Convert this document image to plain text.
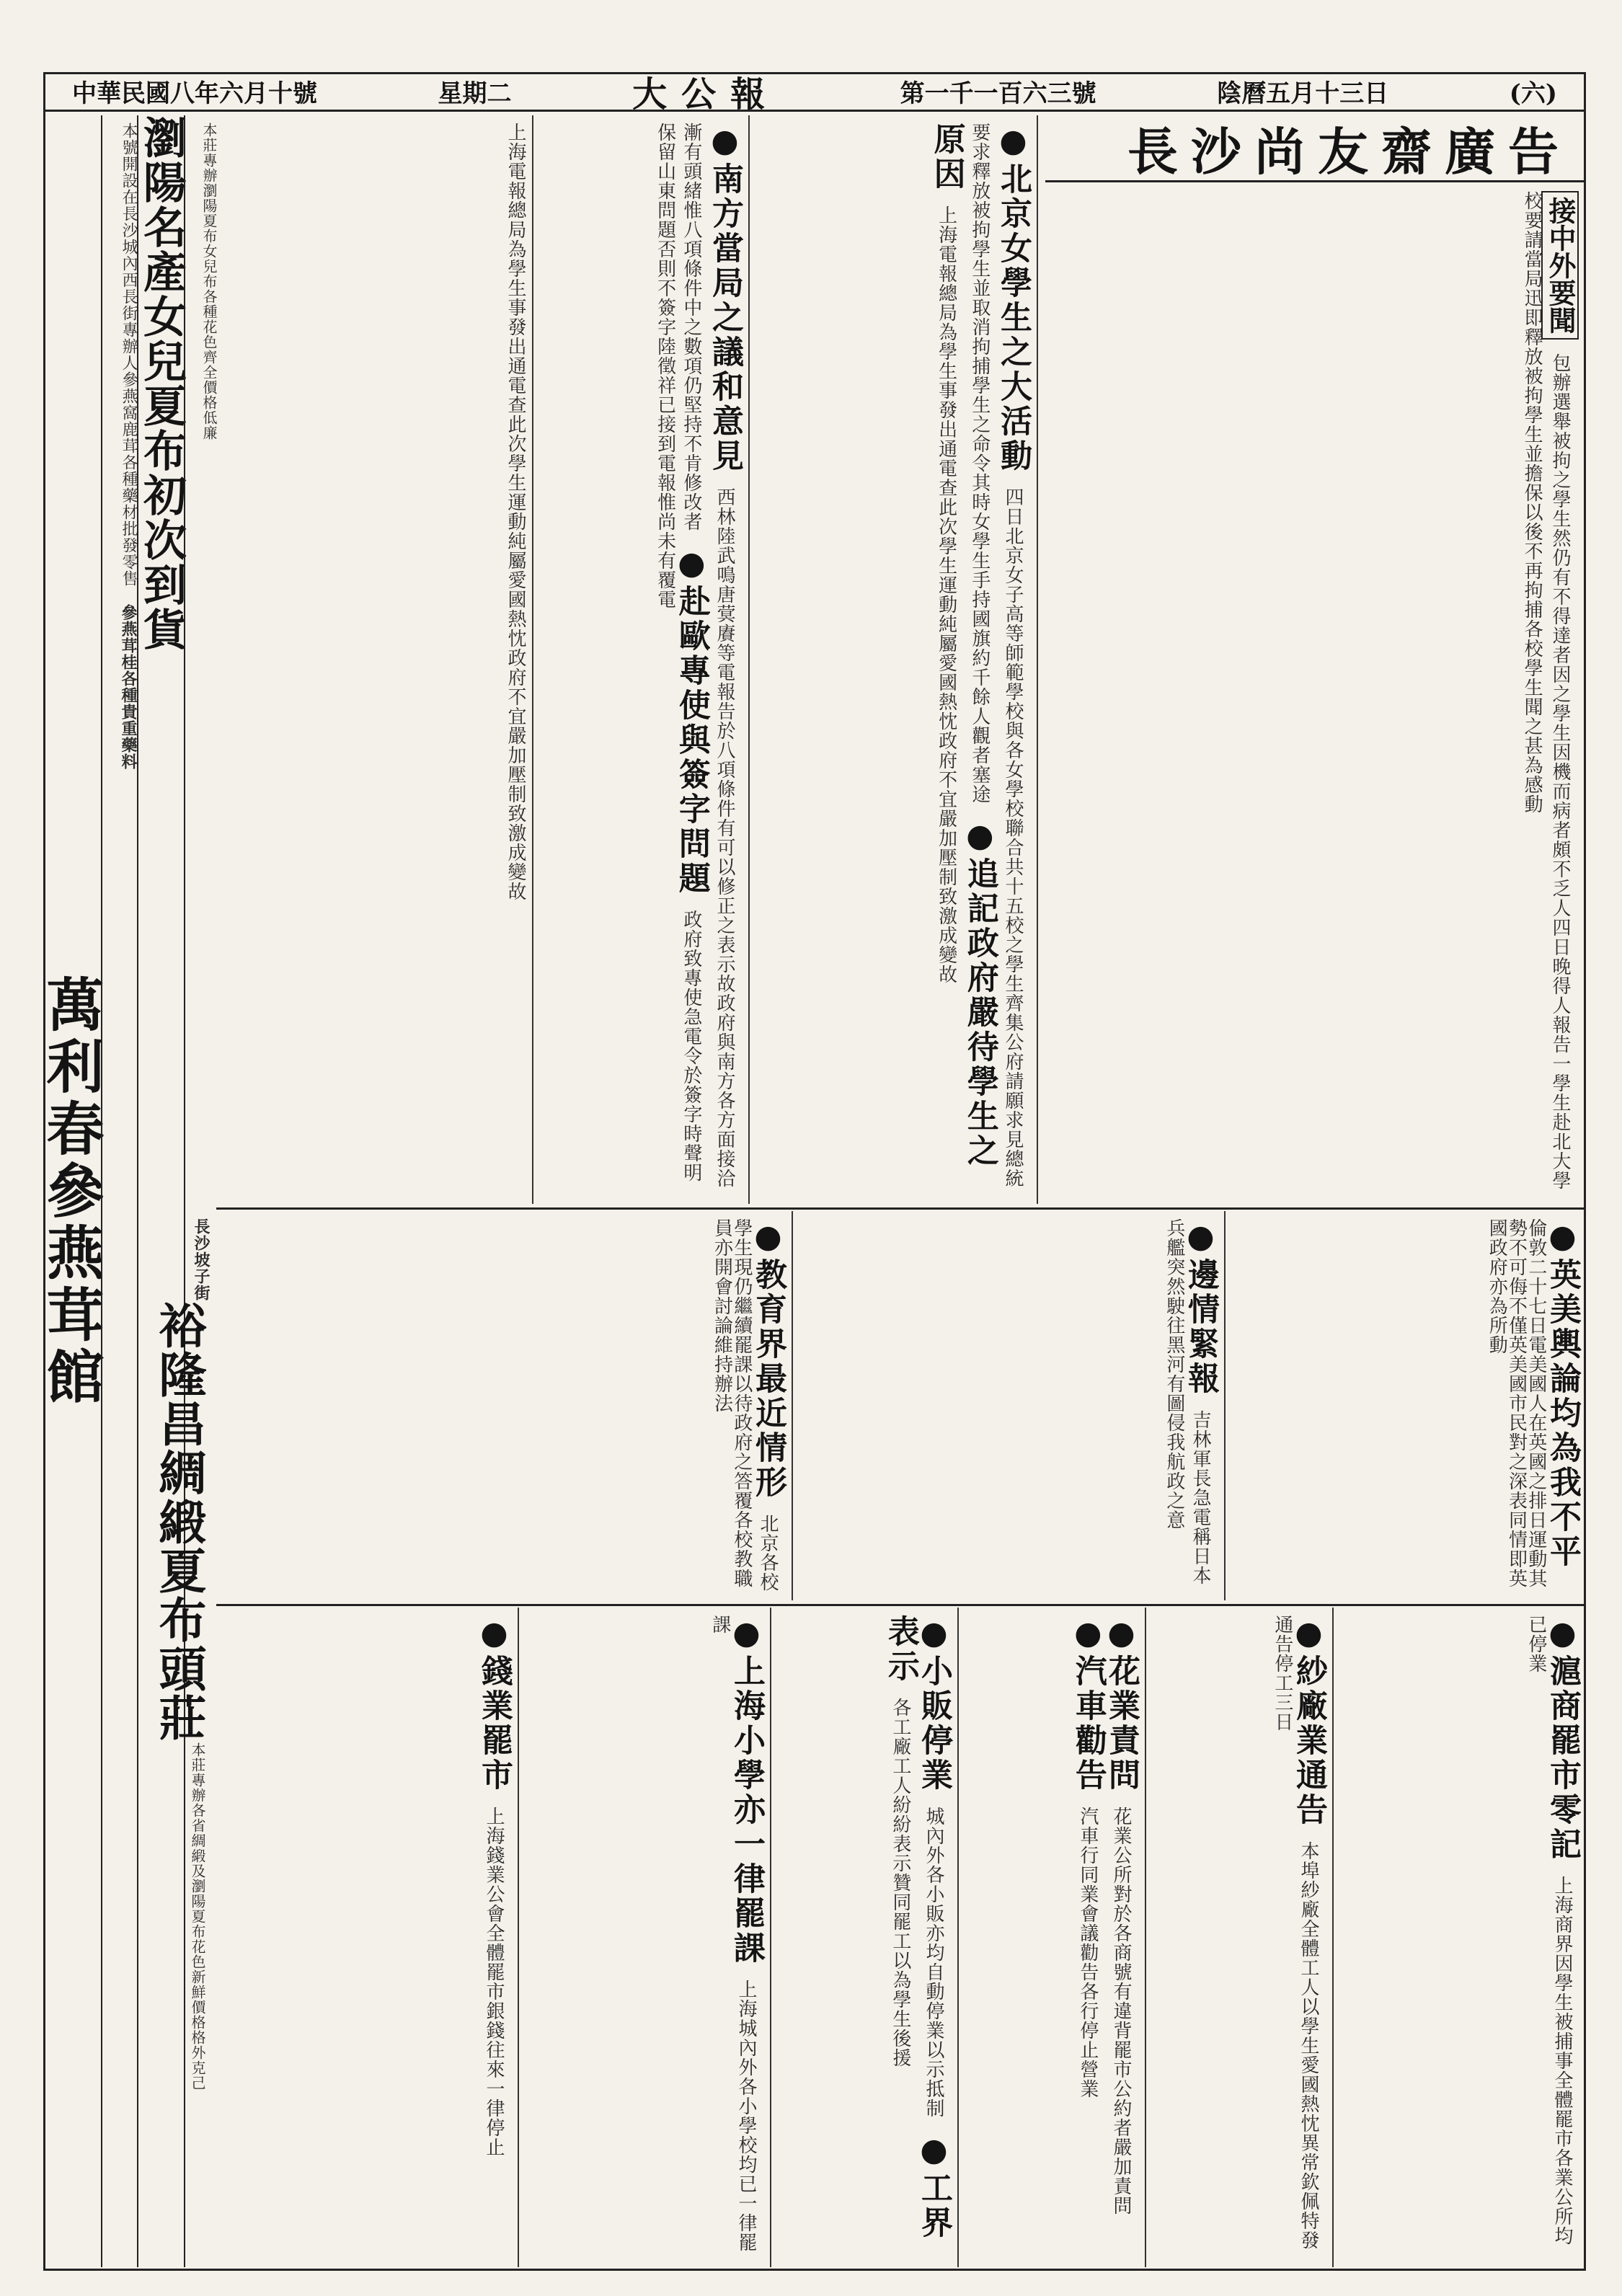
中華民國八年六月十號	星期二	大公報	第一千一百六三號	陰曆五月十三日	(六)
長沙尚友齋廣告
接中外要聞 包辦選舉被拘之學生然仍有不得達者因之學生因機而病者頗不乏人四日晚得人報告一學生赴北大學校要請當局迅即釋放被拘學生並擔保以後不再拘捕各校學生聞之甚為感動
● 北京女學生之大活動 四日北京女子高等師範學校與各女學校聯合共十五校之學生齊集公府請願求見總統要求釋放被拘學生並取消拘捕學生之命令其時女學生手持國旗約千餘人觀者塞途 ● 追記政府嚴待學生之原因 上海電報總局為學生事發出通電查此次學生運動純屬愛國熱忱政府不宜嚴加壓制致激成變故
● 南方當局之議和意見 西林陸武鳴唐蓂賡等電報告於八項條件有可以修正之表示故政府與南方各方面接洽漸有頭緒惟八項條件中之數項仍堅持不肯修改者 ● 赴歐專使與簽字問題 政府致專使急電令於簽字時聲明保留山東問題否則不簽字陸徵祥已接到電報惟尚未有覆電
上海電報總局為學生事發出通電查此次學生運動純屬愛國熱忱政府不宜嚴加壓制致激成變故
● 英美輿論均為我不平 倫敦二十七日電美國人在英國之排日運動其勢不可侮不僅英美國市民對之深表同情即英國政府亦為所動
● 邊情緊報 吉林軍長急電稱日本兵艦突然駛往黑河有圖侵我航政之意
● 教育界最近情形 北京各校學生現仍繼續罷課以待政府之答覆各校教職員亦開會討論維持辦法
● 滬商罷市零記 上海商界因學生被捕事全體罷市各業公所均已停業
● 紗廠業通告 本埠紗廠全體工人以學生愛國熱忱異常欽佩特發通告停工三日
● 花業責問 花業公所對於各商號有違背罷市公約者嚴加責問 ● 汽車勸告 汽車行同業會議勸告各行停止營業
● 小販停業 城內外各小販亦均自動停業以示抵制 ● 工界表示 各工廠工人紛紛表示贊同罷工以為學生後援
● 上海小學亦一律罷課 上海城內外各小學校均已一律罷課
● 錢業罷市 上海錢業公會全體罷市銀錢往來一律停止
萬利春參燕茸館
本號開設在長沙城內西長街專辦人參燕窩鹿茸各種藥材批發零售 參燕茸桂各種貴重藥料
瀏陽名產女兒夏布初次到貨 本莊專辦瀏陽夏布女兒布各種花色齊全價格低廉
長沙坡子街
裕隆昌綢緞夏布頭莊
本莊專辦各省綢緞及瀏陽夏布花色新鮮價格格外克己
